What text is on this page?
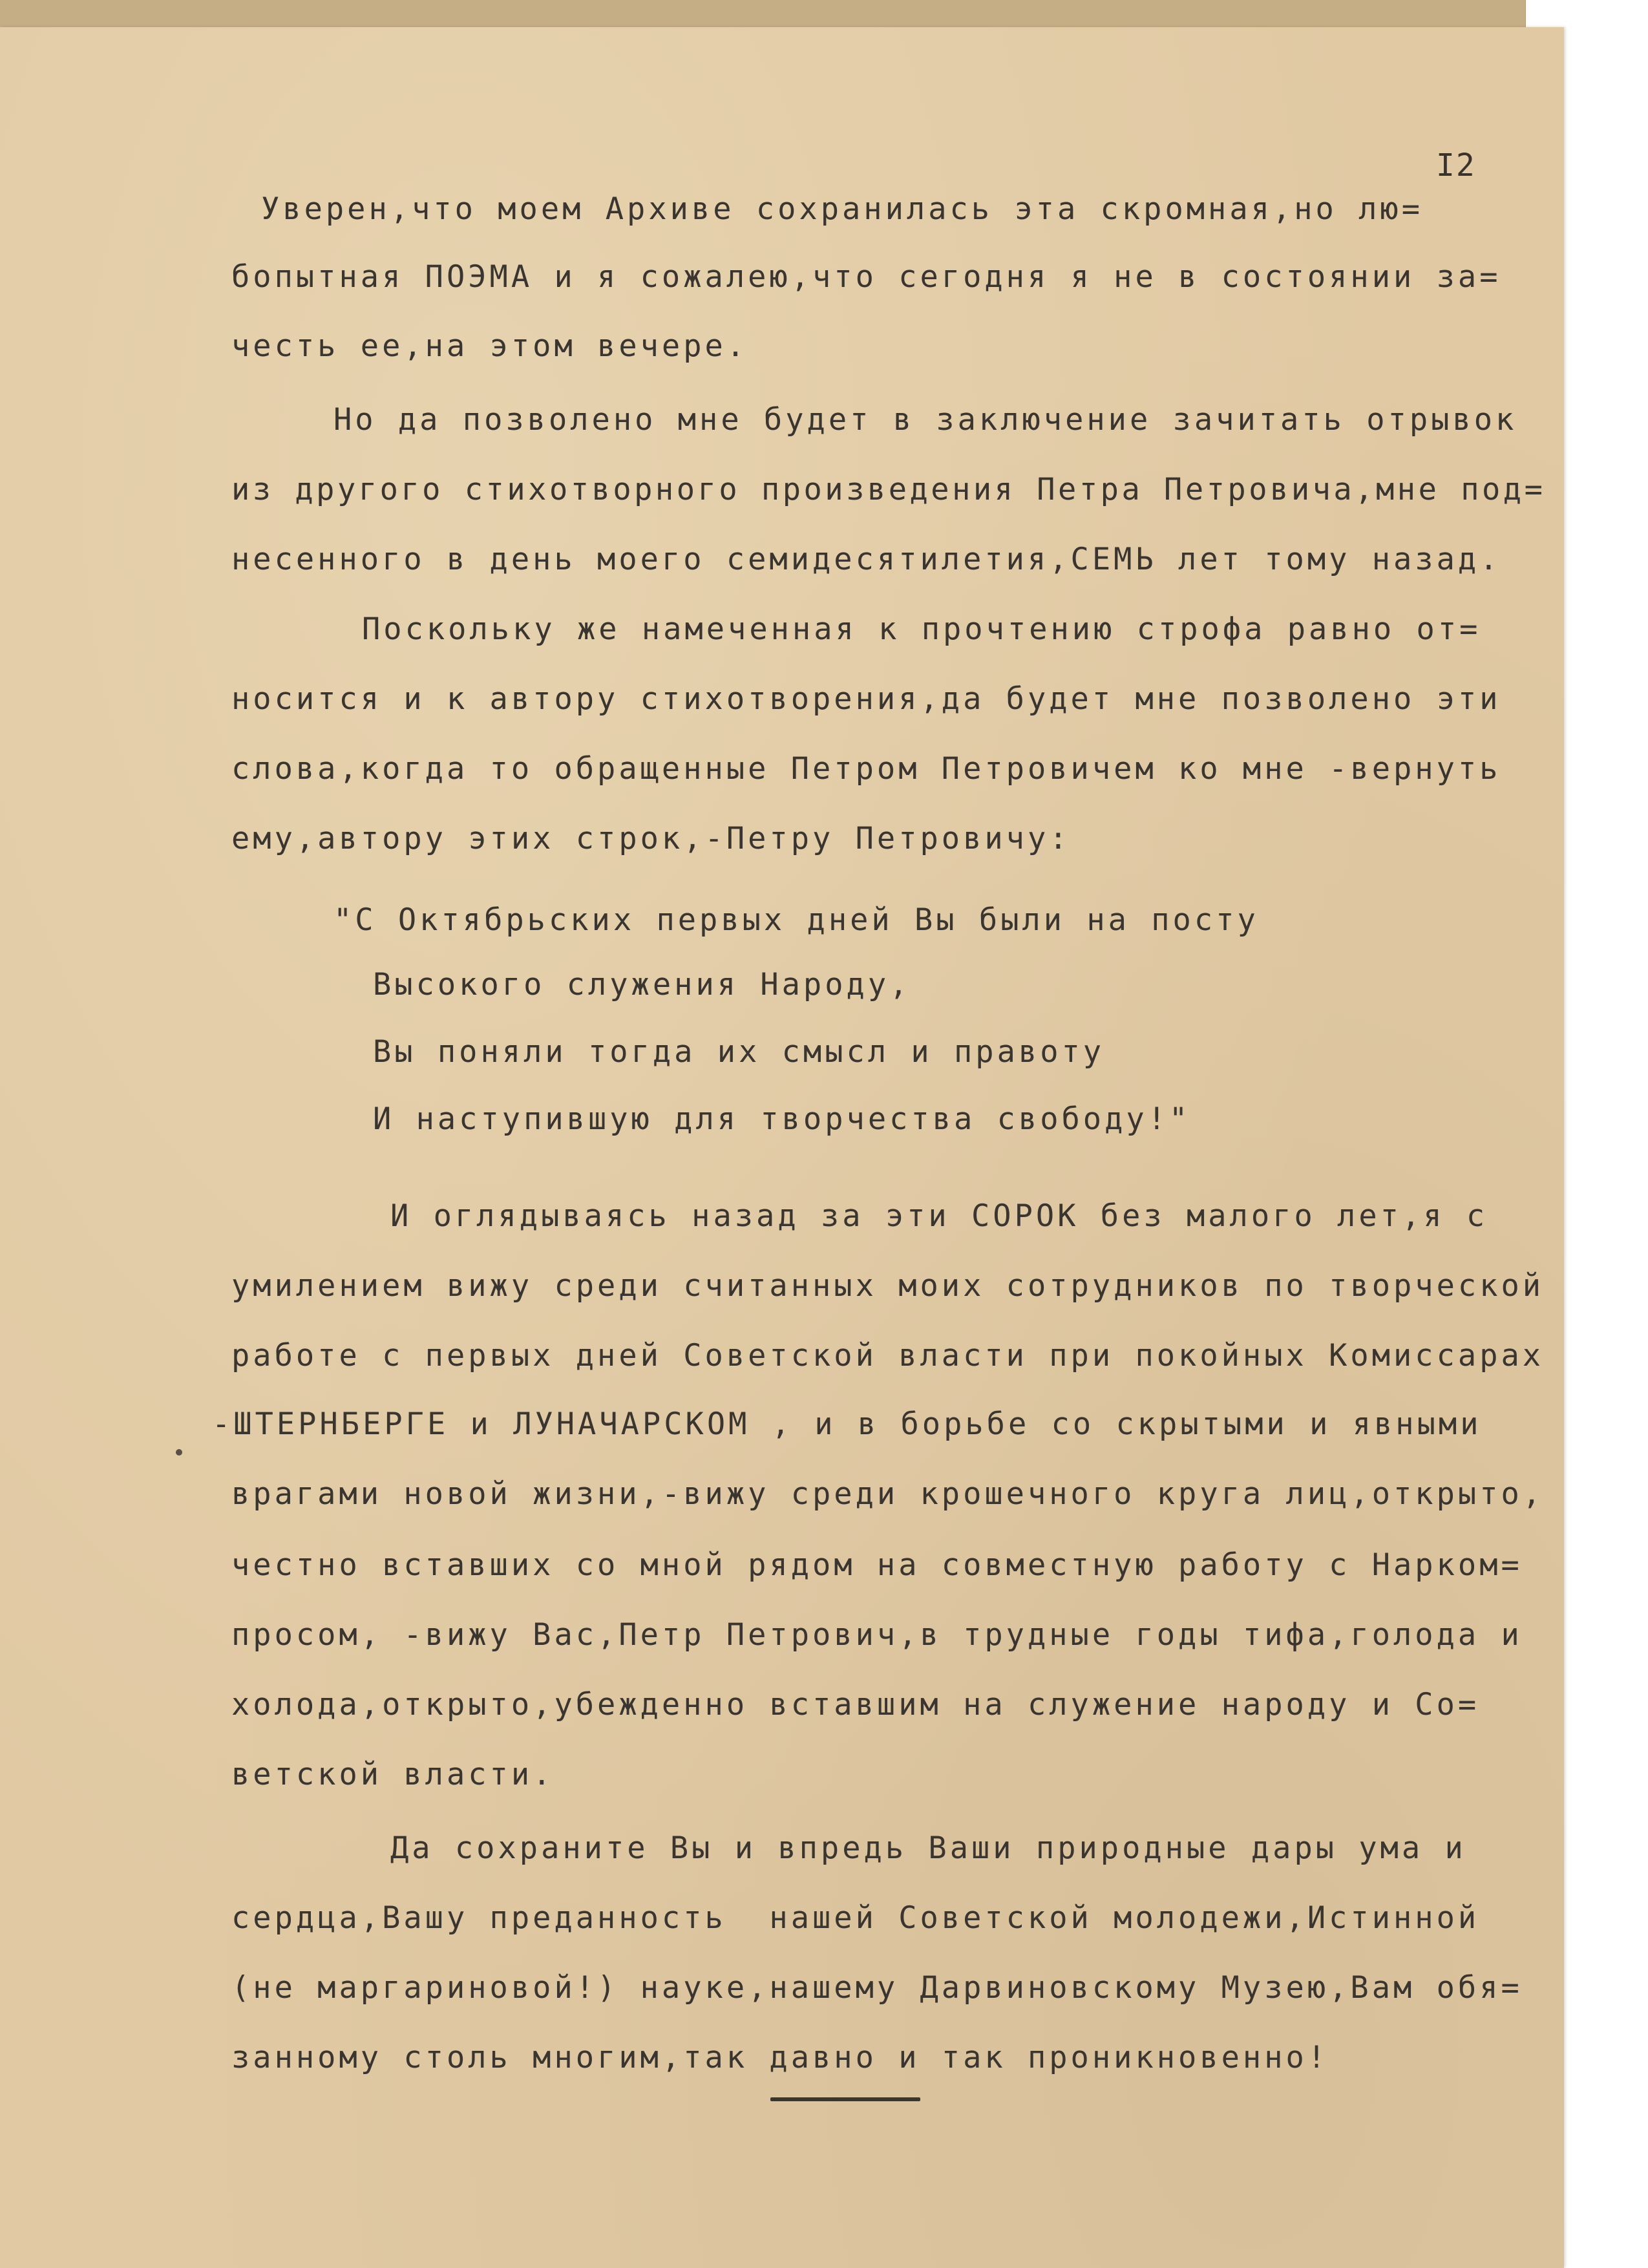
I2
Уверен,что моем Архиве сохранилась эта скромная,но лю=
бопытная ПОЭМА и я сожалею,что сегодня я не в состоянии за=
честь ее,на этом вечере.
Но да позволено мне будет в заключение зачитать отрывок
из другого стихотворного произведения Петра Петровича,мне под=
несенного в день моего семидесятилетия,СЕМЬ лет тому назад.
Поскольку же намеченная к прочтению строфа равно от=
носится и к автору стихотворения,да будет мне позволено эти
слова,когда то обращенные Петром Петровичем ко мне -вернуть
ему,автору этих строк,-Петру Петровичу:
"С Октябрьских первых дней Вы были на посту
Высокого служения Народу,
Вы поняли тогда их смысл и правоту
И наступившую для творчества свободу!"
И оглядываясь назад за эти СОРОК без малого лет,я с
умилением вижу среди считанных моих сотрудников по творческой
работе с первых дней Советской власти при покойных Комиссарах
-ШТЕРНБЕРГЕ и ЛУНАЧАРСКОМ , и в борьбе со скрытыми и явными
врагами новой жизни,-вижу среди крошечного круга лиц,открыто,
честно вставших со мной рядом на совместную работу с Нарком=
просом, -вижу Вас,Петр Петрович,в трудные годы тифа,голода и
холода,открыто,убежденно вставшим на служение народу и Со=
ветской власти.
Да сохраните Вы и впредь Ваши природные дары ума и
сердца,Вашу преданность  нашей Советской молодежи,Истинной
(не маргариновой!) науке,нашему Дарвиновскому Музею,Вам обя=
занному столь многим,так давно и так проникновенно!
